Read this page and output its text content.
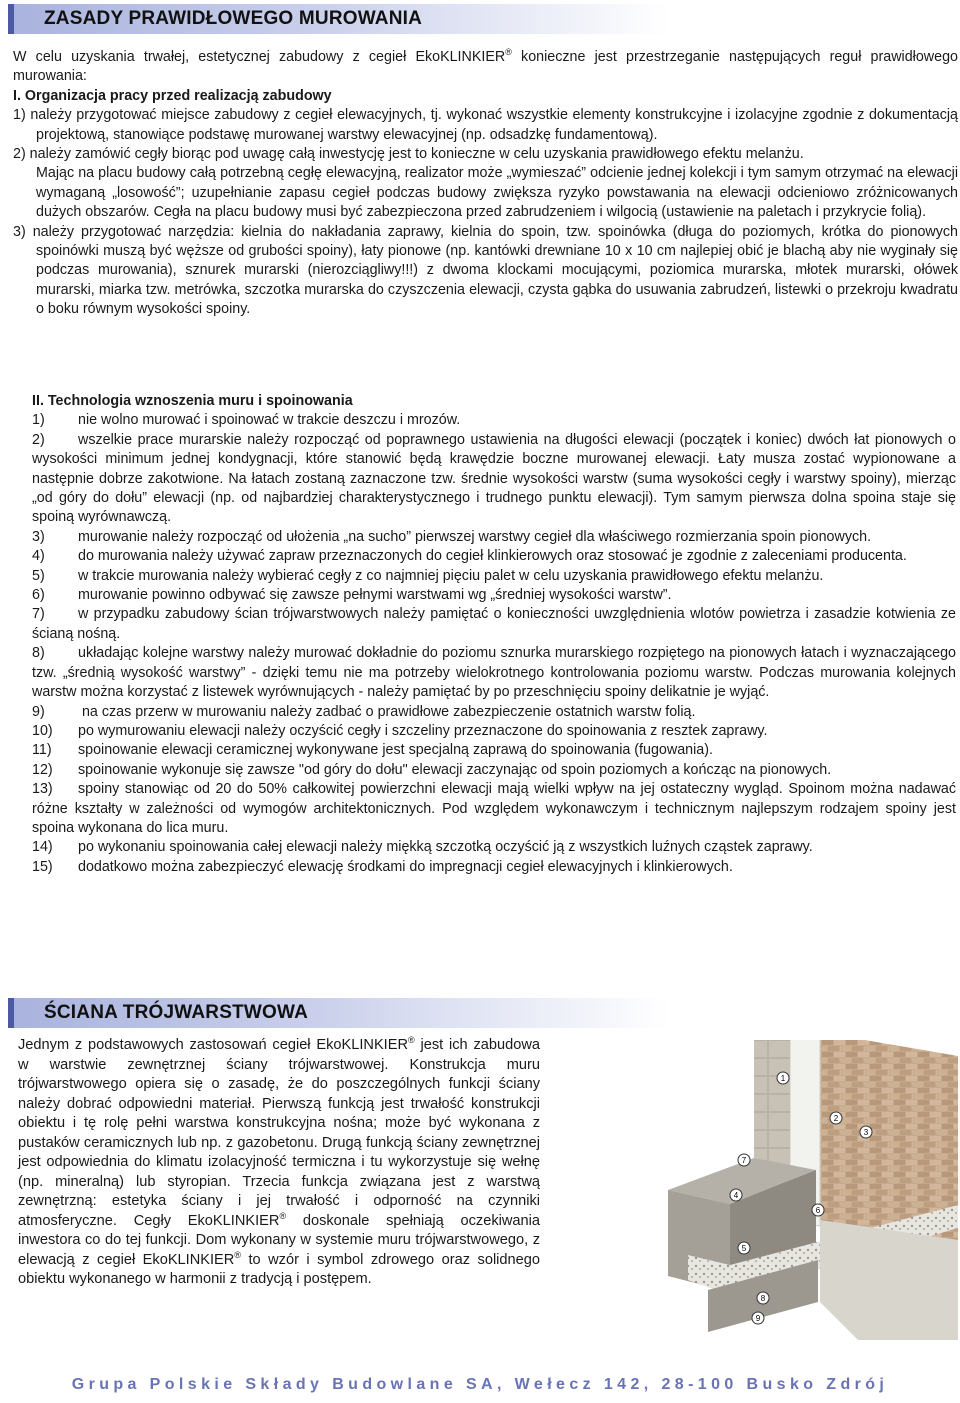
ZASADY PRAWIDŁOWEGO MUROWANIA

W celu uzyskania trwałej, estetycznej zabudowy z cegieł EkoKLINKIER® konieczne jest przestrzeganie następujących reguł prawidłowego murowania:

I. Organizacja pracy przed realizacją zabudowy

1) należy przygotować miejsce zabudowy z cegieł elewacyjnych, tj. wykonać wszystkie elementy konstrukcyjne i izolacyjne zgodnie z dokumentacją projektową, stanowiące podstawę murowanej warstwy elewacyjnej (np. odsadzkę fundamentową).

2) należy zamówić cegły biorąc pod uwagę całą inwestycję jest to konieczne w celu uzyskania prawidłowego efektu melanżu.

Mając na placu budowy całą potrzebną cegłę elewacyjną, realizator może „wymieszać” odcienie jednej kolekcji i tym samym otrzymać na elewacji wymaganą „losowość”; uzupełnianie zapasu cegieł podczas budowy zwiększa ryzyko powstawania na elewacji odcieniowo zróżnicowanych dużych obszarów. Cegła na placu budowy musi być zabezpieczona przed zabrudzeniem i wilgocią (ustawienie na paletach i przykrycie folią).

3) należy przygotować narzędzia: kielnia do nakładania zaprawy, kielnia do spoin, tzw. spoinówka (długa do poziomych, krótka do pionowych spoinówki muszą być węższe od grubości spoiny), łaty pionowe (np. kantówki drewniane 10 x 10 cm najlepiej obić je blachą aby nie wyginały się podczas murowania), sznurek murarski (nierozciągliwy!!!) z dwoma klockami mocującymi, poziomica murarska, młotek murarski, ołówek murarski, miarka tzw. metrówka, szczotka murarska do czyszczenia elewacji, czysta gąbka do usuwania zabrudzeń, listewki o przekroju kwadratu o boku równym wysokości spoiny.

II. Technologia wznoszenia muru i spoinowania

1) nie wolno murować i spoinować w trakcie deszczu i mrozów.

2) wszelkie prace murarskie należy rozpocząć od poprawnego ustawienia na długości elewacji (początek i koniec) dwóch łat pionowych o wysokości minimum jednej kondygnacji, które stanowić będą krawędzie boczne murowanej elewacji. Łaty musza zostać wypionowane a następnie dobrze zakotwione. Na łatach zostaną zaznaczone tzw. średnie wysokości warstw (suma wysokości cegły i warstwy spoiny), mierząc „od góry do dołu” elewacji (np. od najbardziej charakterystycznego i trudnego punktu elewacji). Tym samym pierwsza dolna spoina staje się spoiną wyrównawczą.

3) murowanie należy rozpocząć od ułożenia „na sucho” pierwszej warstwy cegieł dla właściwego rozmierzania spoin pionowych.

4) do murowania należy używać zapraw przeznaczonych do cegieł klinkierowych oraz stosować je zgodnie z zaleceniami producenta.

5) w trakcie murowania należy wybierać cegły z co najmniej pięciu palet w celu uzyskania prawidłowego efektu melanżu.

6) murowanie powinno odbywać się zawsze pełnymi warstwami wg „średniej wysokości warstw”.

7) w przypadku zabudowy ścian trójwarstwowych należy pamiętać o konieczności uwzględnienia wlotów powietrza i zasadzie kotwienia ze ścianą nośną.

8) układając kolejne warstwy należy murować dokładnie do poziomu sznurka murarskiego rozpiętego na pionowych łatach i wyznaczającego tzw. „średnią wysokość warstwy” - dzięki temu nie ma potrzeby wielokrotnego kontrolowania poziomu warstw. Podczas murowania kolejnych warstw można korzystać z listewek wyrównujących - należy pamiętać by po przeschnięciu spoiny delikatnie je wyjąć.

9) na czas przerw w murowaniu należy zadbać o prawidłowe zabezpieczenie ostatnich warstw folią.

10) po wymurowaniu elewacji należy oczyścić cegły i szczeliny przeznaczone do spoinowania z resztek zaprawy.

11) spoinowanie elewacji ceramicznej wykonywane jest specjalną zaprawą do spoinowania (fugowania).

12) spoinowanie wykonuje się zawsze "od góry do dołu" elewacji zaczynając od spoin poziomych a kończąc na pionowych.

13) spoiny stanowiąc od 20 do 50% całkowitej powierzchni elewacji mają wielki wpływ na jej ostateczny wygląd. Spoinom można nadawać różne kształty w zależności od wymogów architektonicznych. Pod względem wykonawczym i technicznym najlepszym rodzajem spoiny jest spoina wykonana do lica muru.

14) po wykonaniu spoinowania całej elewacji należy miękką szczotką oczyścić ją z wszystkich luźnych cząstek zaprawy.

15) dodatkowo można zabezpieczyć elewację środkami do impregnacji cegieł elewacyjnych i klinkierowych.

ŚCIANA TRÓJWARSTWOWA

Jednym z podstawowych zastosowań cegieł EkoKLINKIER® jest ich zabudowa w warstwie zewnętrznej ściany trójwarstwowej. Konstrukcja muru trójwarstwowego opiera się o zasadę, że do poszczególnych funkcji ściany należy dobrać odpowiedni materiał. Pierwszą funkcją jest trwałość konstrukcji obiektu i tę rolę pełni warstwa konstrukcyjna nośna; może być wykonana z pustaków ceramicznych lub np. z gazobetonu. Drugą funkcją ściany zewnętrznej jest odpowiednia do klimatu izolacyjność termiczna i tu wykorzystuje się wełnę (np. mineralną) lub styropian. Trzecia funkcja związana jest z warstwą zewnętrzną: estetyka ściany i jej trwałość i odporność na czynniki atmosferyczne. Cegły EkoKLINKIER® doskonale spełniają oczekiwania inwestora co do tej funkcji. Dom wykonany w systemie muru trójwarstwowego, z elewacją z cegieł EkoKLINKIER® to wzór i symbol zdrowego oraz solidnego obiektu wykonanego w harmonii z tradycją i postępem.

1
2
3
4
5
6
7
8
9
Grupa Polskie Składy Budowlane SA, Wełecz 142, 28-100 Busko Zdrój
